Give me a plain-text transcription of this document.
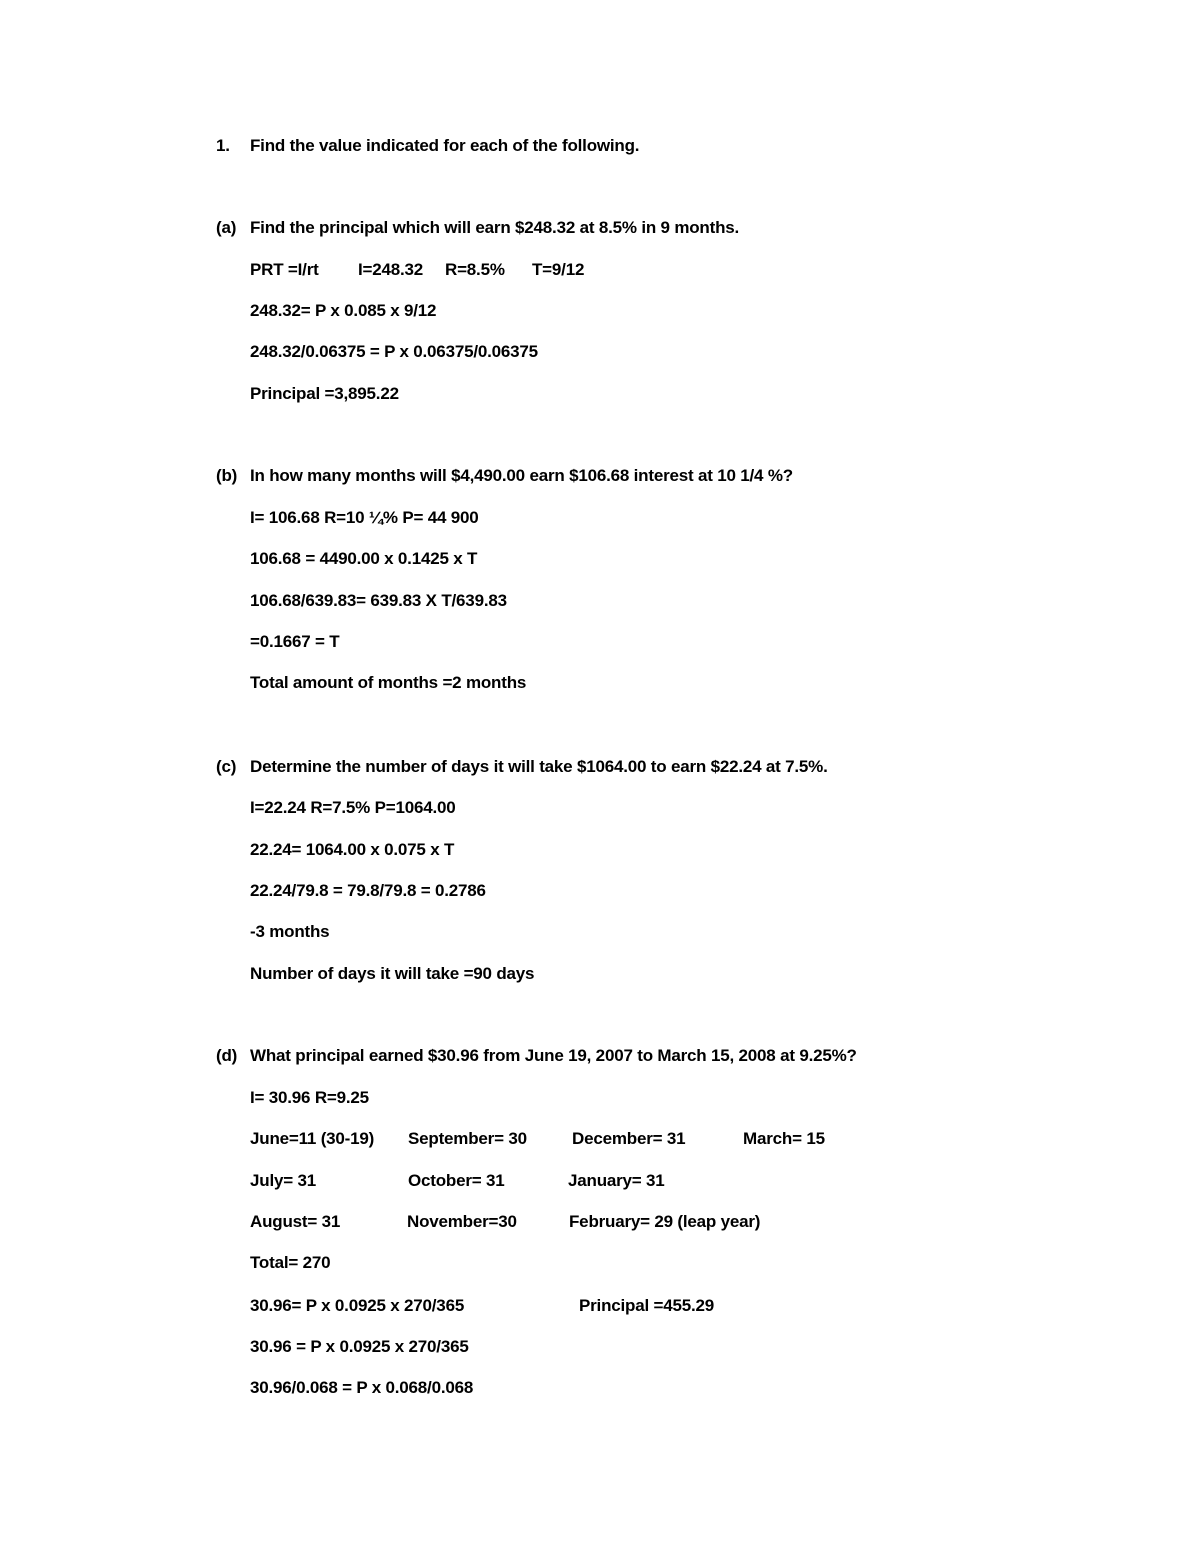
1. Find the value indicated for each of the following.
(a) Find the principal which will earn $248.32 at 8.5% in 9 months.
PRT =I/rt I=248.32 R=8.5% T=9/12
248.32= P x 0.085 x 9/12
248.32/0.06375 = P x 0.06375/0.06375
Principal =3,895.22
(b) In how many months will $4,490.00 earn $106.68 interest at 10 1/4 %?
I= 106.68 R=10 ¼% P= 44 900
106.68 = 4490.00 x 0.1425 x T
106.68/639.83= 639.83 X T/639.83
=0.1667 = T
Total amount of months =2 months
(c) Determine the number of days it will take $1064.00 to earn $22.24 at 7.5%.
I=22.24 R=7.5% P=1064.00
22.24= 1064.00 x 0.075 x T
22.24/79.8 = 79.8/79.8 = 0.2786
-3 months
Number of days it will take =90 days
(d) What principal earned $30.96 from June 19, 2007 to March 15, 2008 at 9.25%?
I= 30.96 R=9.25
June=11 (30-19) September= 30	December= 31	March= 15
July= 31	October= 31	January= 31
August= 31	November=30	February= 29 (leap year)
Total= 270
30.96= P x 0.0925 x 270/365	Principal =455.29
30.96 = P x 0.0925 x 270/365
30.96/0.068 = P x 0.068/0.068
